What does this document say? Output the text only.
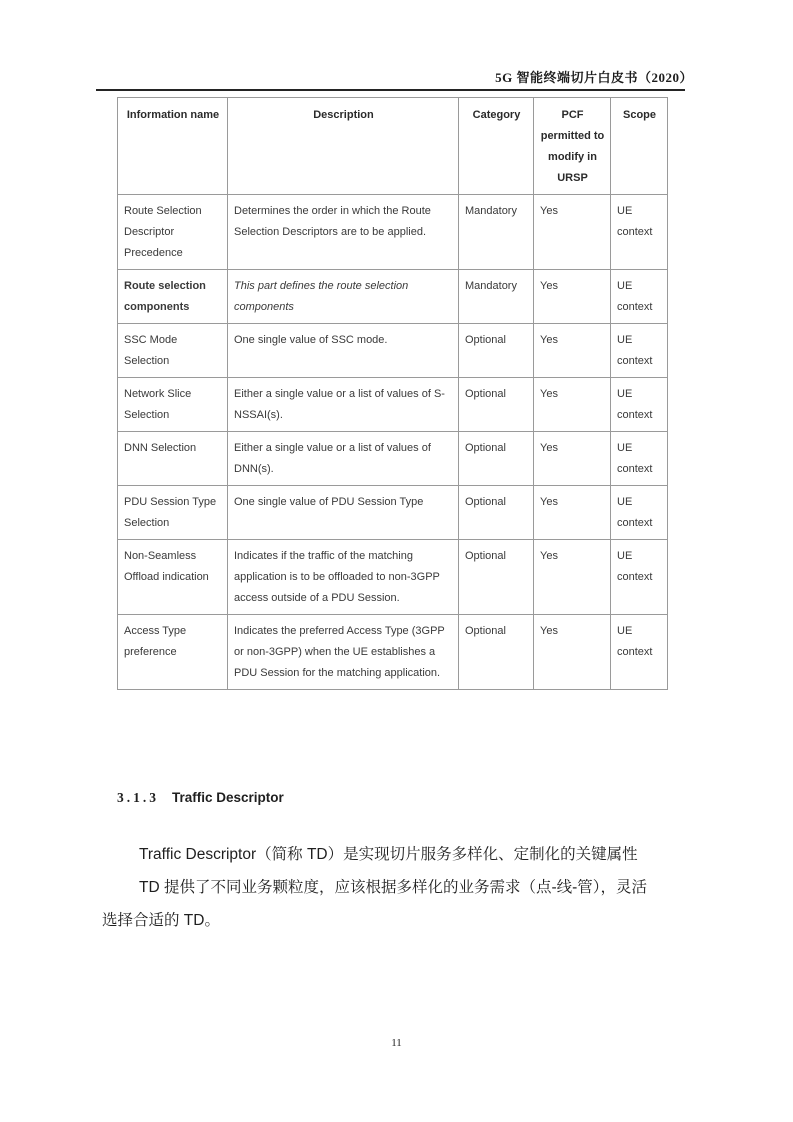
5G 智能终端切片白皮书（2020）
Information name	Description	Category	PCF permitted to modify in URSP	Scope
Route Selection Descriptor Precedence	Determines the order in which the Route Selection Descriptors are to be applied.	Mandatory	Yes	UE context
Route selection components	This part defines the route selection components	Mandatory	Yes	UE context
SSC Mode Selection	One single value of SSC mode.	Optional	Yes	UE context
Network Slice Selection	Either a single value or a list of values of S-NSSAI(s).	Optional	Yes	UE context
DNN Selection	Either a single value or a list of values of DNN(s).	Optional	Yes	UE context
PDU Session Type Selection	One single value of PDU Session Type	Optional	Yes	UE context
Non-Seamless Offload indication	Indicates if the traffic of the matching application is to be offloaded to non-3GPP access outside of a PDU Session.	Optional	Yes	UE context
Access Type preference	Indicates the preferred Access Type (3GPP or non-3GPP) when the UE establishes a PDU Session for the matching application.	Optional	Yes	UE context
3.1.3 Traffic Descriptor
Traffic Descriptor（简称 TD）是实现切片服务多样化、定制化的关键属性
TD 提供了不同业务颗粒度，应该根据多样化的业务需求（点-线-管），灵活
选择合适的 TD。
11
